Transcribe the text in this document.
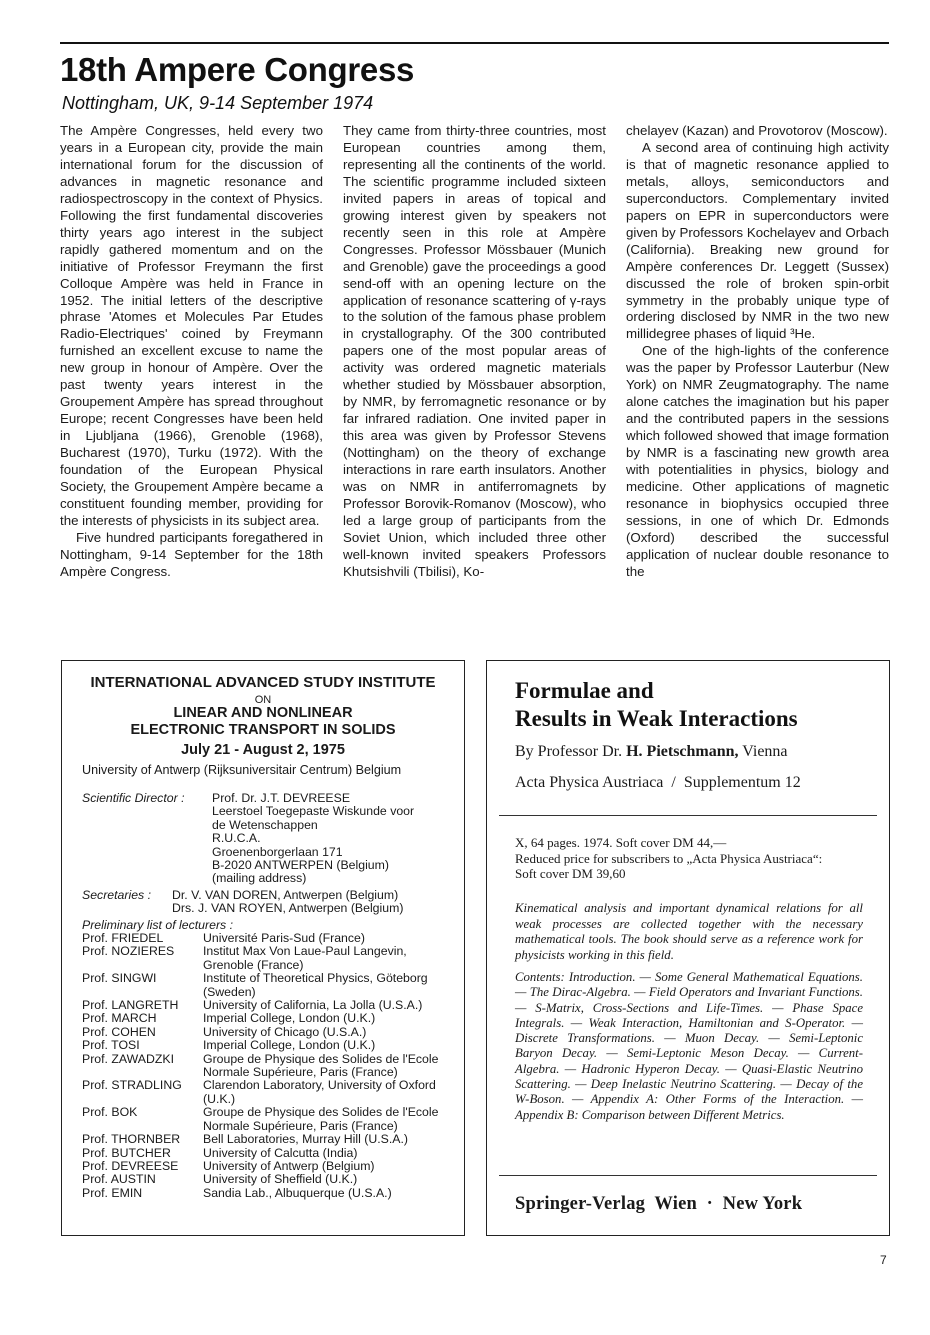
18th Ampere Congress
Nottingham, UK, 9-14 September 1974

The Ampère Congresses, held every two years in a European city, provide the main international forum for the discussion of advances in magnetic resonance and radiospectroscopy in the context of Physics. Following the first fundamental discoveries thirty years ago interest in the subject rapidly gathered momentum and on the initiative of Professor Freymann the first Colloque Ampère was held in France in 1952. The initial letters of the descriptive phrase 'Atomes et Molecules Par Etudes Radio-Electriques' coined by Freymann furnished an excellent excuse to name the new group in honour of Ampère. Over the past twenty years interest in the Groupement Ampère has spread throughout Europe; recent Congresses have been held in Ljubljana (1966), Grenoble (1968), Bucharest (1970), Turku (1972). With the foundation of the European Physical Society, the Groupement Ampère became a constituent founding member, providing for the interests of physicists in its subject area.

Five hundred participants foregathered in Nottingham, 9-14 September for the 18th Ampère Congress.

They came from thirty-three countries, most European countries among them, representing all the continents of the world. The scientific programme included sixteen invited papers in areas of topical and growing interest given by speakers not recently seen in this role at Ampère Congresses. Professor Mössbauer (Munich and Grenoble) gave the proceedings a good send-off with an opening lecture on the application of resonance scattering of γ-rays to the solution of the famous phase problem in crystallography. Of the 300 contributed papers one of the most popular areas of activity was ordered magnetic materials whether studied by Mössbauer absorption, by NMR, by ferromagnetic resonance or by far infrared radiation. One invited paper in this area was given by Professor Stevens (Nottingham) on the theory of exchange interactions in rare earth insulators. Another was on NMR in antiferromagnets by Professor Borovik-Romanov (Moscow), who led a large group of participants from the Soviet Union, which included three other well-known invited speakers Professors Khutsishvili (Tbilisi), Ko-

chelayev (Kazan) and Provotorov (Moscow).

A second area of continuing high activity is that of magnetic resonance applied to metals, alloys, semiconductors and superconductors. Complementary invited papers on EPR in superconductors were given by Professors Kochelayev and Orbach (California). Breaking new ground for Ampère conferences Dr. Leggett (Sussex) discussed the role of broken spin-orbit symmetry in the probably unique type of ordering disclosed by NMR in the two new millidegree phases of liquid ³He.

One of the high-lights of the conference was the paper by Professor Lauterbur (New York) on NMR Zeugmatography. The name alone catches the imagination but his paper and the contributed papers in the sessions which followed showed that image formation by NMR is a fascinating new growth area with potentialities in physics, biology and medicine. Other applications of magnetic resonance in biophysics occupied three sessions, in one of which Dr. Edmonds (Oxford) described the successful application of nuclear double resonance to the

INTERNATIONAL ADVANCED STUDY INSTITUTE
ON
LINEAR AND NONLINEAR
ELECTRONIC TRANSPORT IN SOLIDS
July 21 - August 2, 1975
University of Antwerp (Rijksuniversitair Centrum) Belgium
Scientific Director : Prof. Dr. J.T. DEVREESE
Leerstoel Toegepaste Wiskunde voor
de Wetenschappen
R.U.C.A.
Groenenborgerlaan 171
B-2020 ANTWERPEN (Belgium)
(mailing address)
Secretaries : Dr. V. VAN DOREN, Antwerpen (Belgium)
Drs. J. VAN ROYEN, Antwerpen (Belgium)
Preliminary list of lecturers :
Prof. FRIEDEL	Université Paris-Sud (France)
Prof. NOZIERES	Institut Max Von Laue-Paul Langevin, Grenoble (France)
Prof. SINGWI	Institute of Theoretical Physics, Göteborg (Sweden)
Prof. LANGRETH	University of California, La Jolla (U.S.A.)
Prof. MARCH	Imperial College, London (U.K.)
Prof. COHEN	University of Chicago (U.S.A.)
Prof. TOSI	Imperial College, London (U.K.)
Prof. ZAWADZKI	Groupe de Physique des Solides de l'Ecole Normale Supérieure, Paris (France)
Prof. STRADLING	Clarendon Laboratory, University of Oxford (U.K.)
Prof. BOK	Groupe de Physique des Solides de l'Ecole Normale Supérieure, Paris (France)
Prof. THORNBER	Bell Laboratories, Murray Hill (U.S.A.)
Prof. BUTCHER	University of Calcutta (India)
Prof. DEVREESE	University of Antwerp (Belgium)
Prof. AUSTIN	University of Sheffield (U.K.)
Prof. EMIN	Sandia Lab., Albuquerque (U.S.A.)
Formulae and
Results in Weak Interactions
By Professor Dr. H. Pietschmann, Vienna
Acta Physica Austriaca  /  Supplementum 12
X, 64 pages. 1974. Soft cover DM 44,—
Reduced price for subscribers to „Acta Physica Austriaca“:
Soft cover DM 39,60
Kinematical analysis and important dynamical relations for all weak processes are collected together with the necessary mathematical tools. The book should serve as a reference work for physicists working in this field.
Contents: Introduction. — Some General Mathematical Equations. — The Dirac-Algebra. — Field Operators and Invariant Functions. — S-Matrix, Cross-Sections and Life-Times. — Phase Space Integrals. — Weak Interaction, Hamiltonian and S-Operator. — Discrete Transformations. — Muon Decay. — Semi-Leptonic Baryon Decay. — Semi-Leptonic Meson Decay. — Current-Algebra. — Hadronic Hyperon Decay. — Quasi-Elastic Neutrino Scattering. — Deep Inelastic Neutrino Scattering. — Decay of the W-Boson. — Appendix A: Other Forms of the Interaction. — Appendix B: Comparison between Different Metrics.
Springer-Verlag  Wien  ·  New York
7
